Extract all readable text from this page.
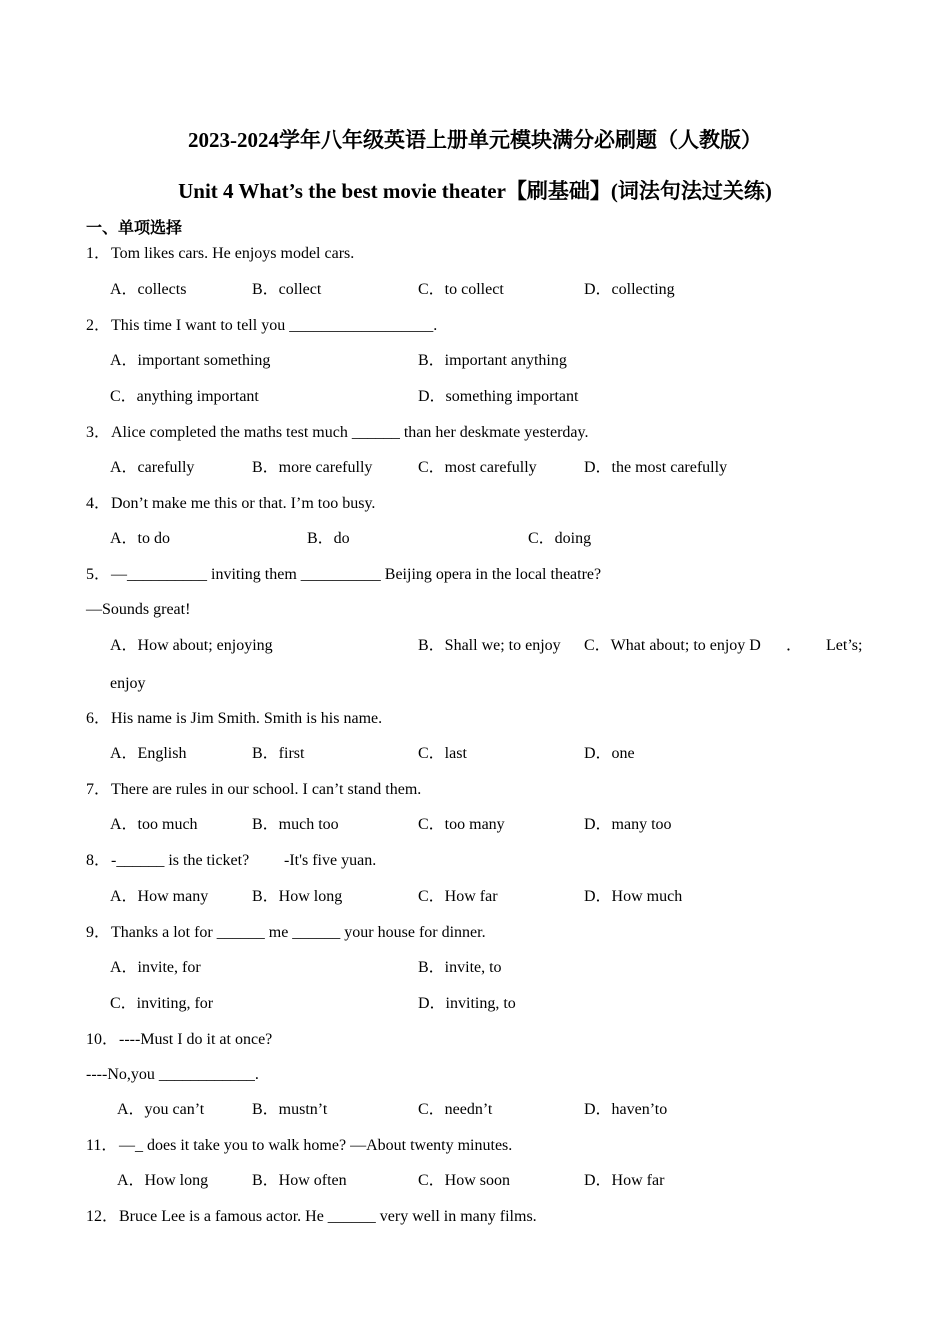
2023-2024学年八年级英语上册单元模块满分必刷题（人教版）
Unit 4 What’s the best movie theater【刷基础】(词法句法过关练)
一、单项选择
1． Tom likes cars. He enjoys model cars.
A．collects	B．collect	C．to collect	D．collecting
2． This time I want to tell you __________________.
A．important something	B．important anything
C．anything important	D．something important
3． Alice completed the maths test much ______ than her deskmate yesterday.
A．carefully	B．more carefully	C．most carefully	D．the most carefully
4． Don’t make me this or that. I’m too busy.
A．to do	B．do	C．doing
5． —__________ inviting them __________ Beijing opera in the local theatre?
—Sounds great!
A．How about; enjoying	B．Shall we; to enjoy C．What about; to enjoy D ． Let’s;
enjoy
6． His name is Jim Smith. Smith is his name.
A．English	B．first	C．last	D．one
7． There are rules in our school. I can’t stand them.
A．too much	B．much too	C．too many	D．many too
8． -______ is the ticket? -It's five yuan.
A．How many	B．How long	C．How far	D．How much
9． Thanks a lot for ______ me ______ your house for dinner.
A．invite, for	B．invite, to
C．inviting, for	D．inviting, to
10． ----Must I do it at once?
----No,you ____________.
A．you can’t	B．mustn’t	C．needn’t	D．haven’to
11． —_ does it take you to walk home? —About twenty minutes.
A．How long	B．How often	C．How soon	D．How far
12． Bruce Lee is a famous actor. He ______ very well in many films.
